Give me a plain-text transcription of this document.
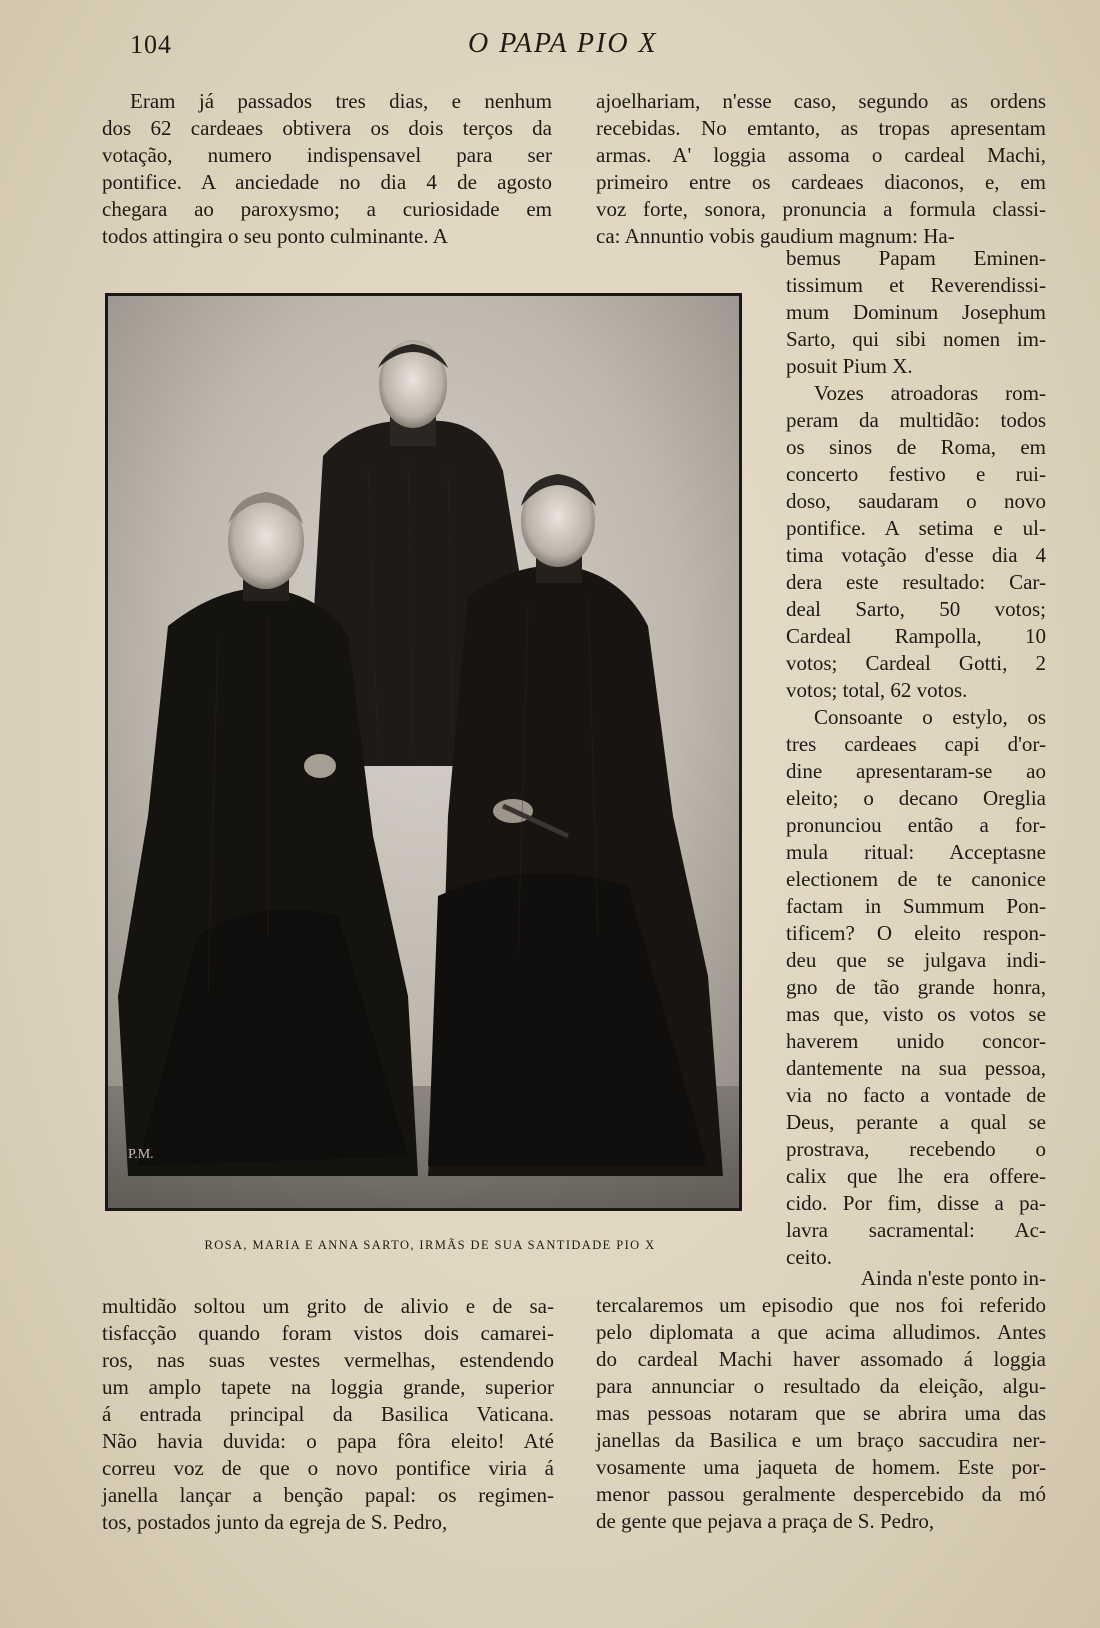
104	O PAPA PIO X
Eram já passados tres dias, e nenhum
dos 62 cardeaes obtivera os dois terços da
votação, numero indispensavel para ser
pontifice. A anciedade no dia 4 de agosto
chegara ao paroxysmo; a curiosidade em
todos attingira o seu ponto culminante. A
ajoelhariam, n'esse caso, segundo as ordens
recebidas. No emtanto, as tropas apresentam
armas. A' loggia assoma o cardeal Machi,
primeiro entre os cardeaes diaconos, e, em
voz forte, sonora, pronuncia a formula classi-
ca: Annuntio vobis gaudium magnum: Ha-
bemus Papam Eminen-
tissimum et Reverendissi-
mum Dominum Josephum
Sarto, qui sibi nomen im-
posuit Pium X.
Vozes atroadoras rom-
peram da multidão: todos
os sinos de Roma, em
concerto festivo e rui-
doso, saudaram o novo
pontifice. A setima e ul-
tima votação d'esse dia 4
dera este resultado: Car-
deal Sarto, 50 votos;
Cardeal Rampolla, 10
votos; Cardeal Gotti, 2
votos; total, 62 votos.
Consoante o estylo, os
tres cardeaes capi d'or-
dine apresentaram-se ao
eleito; o decano Oreglia
pronunciou então a for-
mula ritual: Acceptasne
electionem de te canonice
factam in Summum Pon-
tificem? O eleito respon-
deu que se julgava indi-
gno de tão grande honra,
mas que, visto os votos se
haverem unido concor-
dantemente na sua pessoa,
via no facto a vontade de
Deus, perante a qual se
prostrava, recebendo o
calix que lhe era offere-
cido. Por fim, disse a pa-
lavra sacramental: Ac-
ceito.
P.M.
ROSA, MARIA E ANNA SARTO, IRMÃS DE SUA SANTIDADE PIO X
Ainda n'este ponto in-
tercalaremos um episodio que nos foi referido
pelo diplomata a que acima alludimos. Antes
do cardeal Machi haver assomado á loggia
para annunciar o resultado da eleição, algu-
mas pessoas notaram que se abrira uma das
janellas da Basilica e um braço saccudira ner-
vosamente uma jaqueta de homem. Este por-
menor passou geralmente despercebido da mó
de gente que pejava a praça de S. Pedro,
multidão soltou um grito de alivio e de sa-
tisfacção quando foram vistos dois camarei-
ros, nas suas vestes vermelhas, estendendo
um amplo tapete na loggia grande, superior
á entrada principal da Basilica Vaticana.
Não havia duvida: o papa fôra eleito! Até
correu voz de que o novo pontifice viria á
janella lançar a benção papal: os regimen-
tos, postados junto da egreja de S. Pedro,
